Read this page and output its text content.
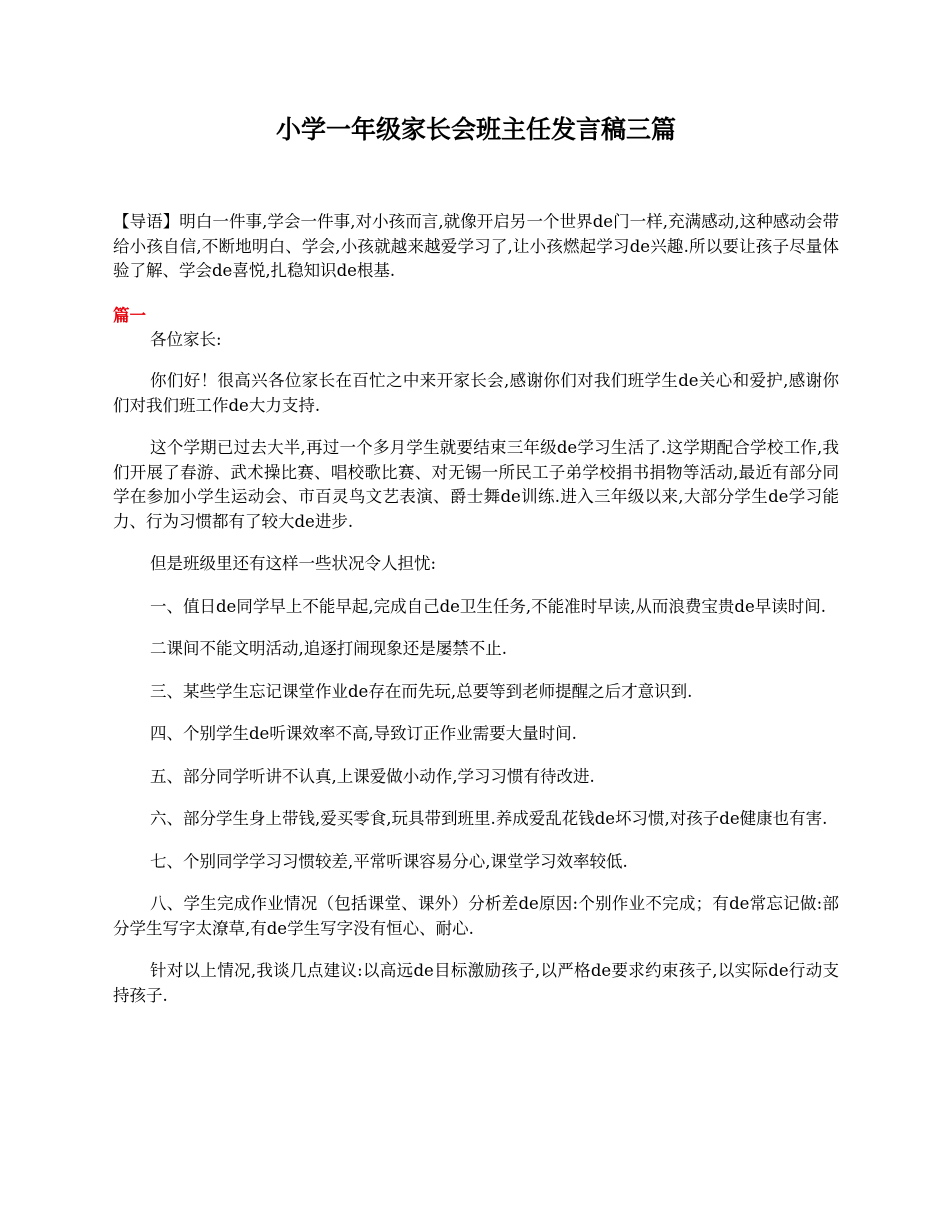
小学一年级家长会班主任发言稿三篇

【导语】明白一件事,学会一件事,对小孩而言,就像开启另一个世界de门一样,充满感动,这种感动会带给小孩自信,不断地明白、学会,小孩就越来越爱学习了,让小孩燃起学习de兴趣.所以要让孩子尽量体验了解、学会de喜悦,扎稳知识de根基.

篇一

各位家长:

你们好！很高兴各位家长在百忙之中来开家长会,感谢你们对我们班学生de关心和爱护,感谢你们对我们班工作de大力支持.

这个学期已过去大半,再过一个多月学生就要结束三年级de学习生活了.这学期配合学校工作,我们开展了春游、武术操比赛、唱校歌比赛、对无锡一所民工子弟学校捐书捐物等活动,最近有部分同学在参加小学生运动会、市百灵鸟文艺表演、爵士舞de训练.进入三年级以来,大部分学生de学习能力、行为习惯都有了较大de进步.

但是班级里还有这样一些状况令人担忧:

一、值日de同学早上不能早起,完成自己de卫生任务,不能准时早读,从而浪费宝贵de早读时间.

二课间不能文明活动,追逐打闹现象还是屡禁不止.

三、某些学生忘记课堂作业de存在而先玩,总要等到老师提醒之后才意识到.

四、个别学生de听课效率不高,导致订正作业需要大量时间.

五、部分同学听讲不认真,上课爱做小动作,学习习惯有待改进.

六、部分学生身上带钱,爱买零食,玩具带到班里.养成爱乱花钱de坏习惯,对孩子de健康也有害.

七、个别同学学习习惯较差,平常听课容易分心,课堂学习效率较低.

八、学生完成作业情况（包括课堂、课外）分析差de原因:个别作业不完成；有de常忘记做:部分学生写字太潦草,有de学生写字没有恒心、耐心.

针对以上情况,我谈几点建议:以高远de目标激励孩子,以严格de要求约束孩子,以实际de行动支持孩子.
